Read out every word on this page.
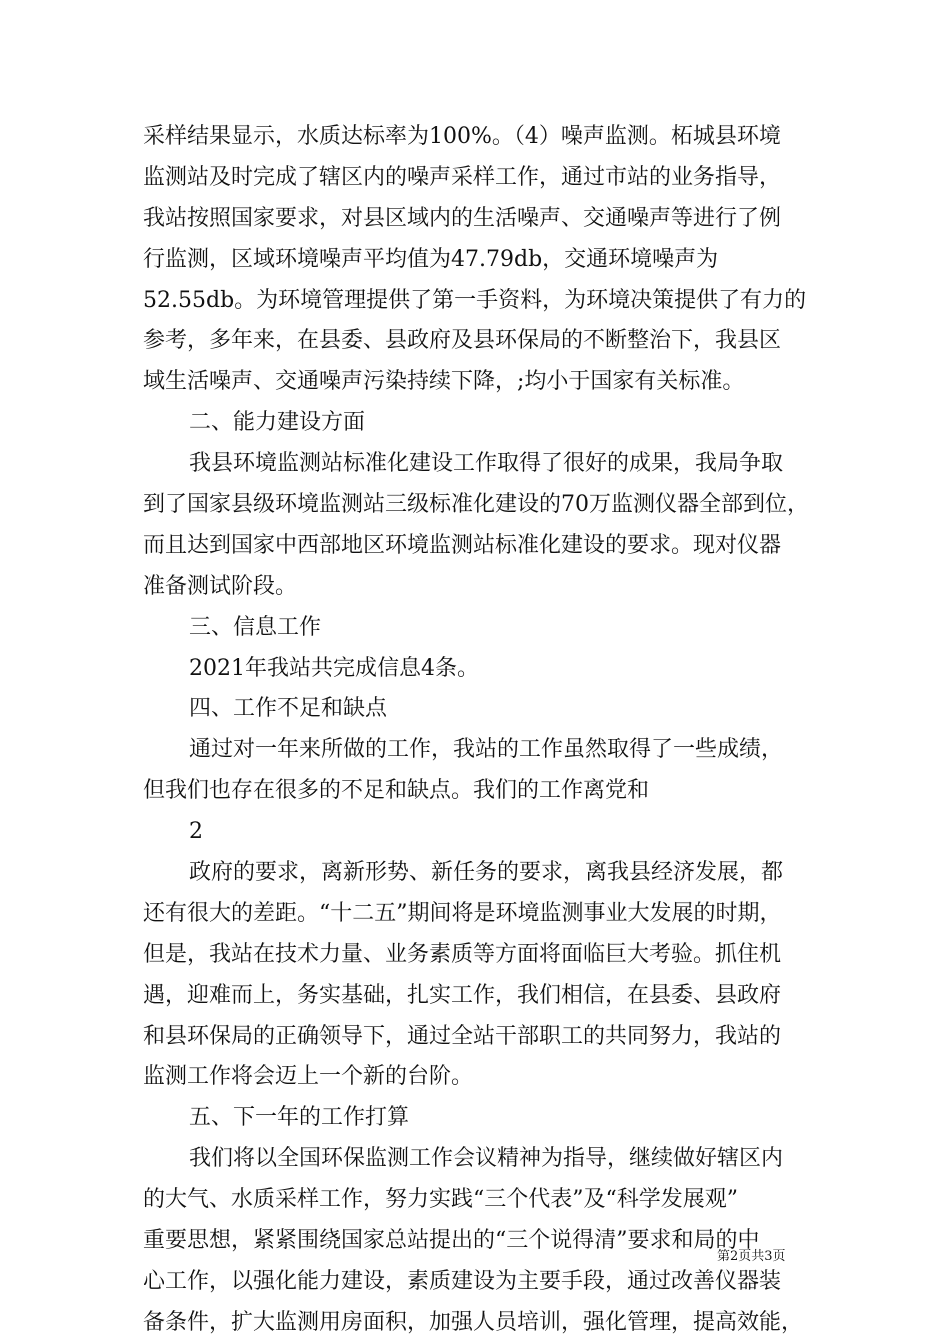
采样结果显示，水质达标率为100%。（4）噪声监测。柘城县环境
监测站及时完成了辖区内的噪声采样工作，通过市站的业务指导，
我站按照国家要求，对县区域内的生活噪声、交通噪声等进行了例
行监测，区域环境噪声平均值为47.79db，交通环境噪声为
52.55db。为环境管理提供了第一手资料，为环境决策提供了有力的
参考，多年来，在县委、县政府及县环保局的不断整治下，我县区
域生活噪声、交通噪声污染持续下降，;均小于国家有关标准。
二、能力建设方面
我县环境监测站标准化建设工作取得了很好的成果，我局争取
到了国家县级环境监测站三级标准化建设的70万监测仪器全部到位，
而且达到国家中西部地区环境监测站标准化建设的要求。现对仪器
准备测试阶段。
三、信息工作
2021年我站共完成信息4条。
四、工作不足和缺点
通过对一年来所做的工作，我站的工作虽然取得了一些成绩，
但我们也存在很多的不足和缺点。我们的工作离党和
2
政府的要求，离新形势、新任务的要求，离我县经济发展，都
还有很大的差距。“十二五”期间将是环境监测事业大发展的时期，
但是，我站在技术力量、业务素质等方面将面临巨大考验。抓住机
遇，迎难而上，务实基础，扎实工作，我们相信，在县委、县政府
和县环保局的正确领导下，通过全站干部职工的共同努力，我站的
监测工作将会迈上一个新的台阶。
五、下一年的工作打算
我们将以全国环保监测工作会议精神为指导，继续做好辖区内
的大气、水质采样工作，努力实践“三个代表”及“科学发展观”
重要思想，紧紧围绕国家总站提出的“三个说得清”要求和局的中
心工作，以强化能力建设，素质建设为主要手段，通过改善仪器装
备条件，扩大监测用房面积，加强人员培训，强化管理，提高效能，
第2页共3页
